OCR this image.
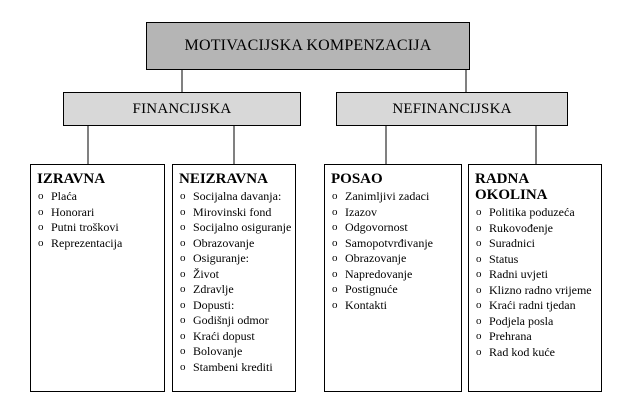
MOTIVACIJSKA KOMPENZACIJA
FINANCIJSKA	NEFINANCIJSKA
IZRAVNA
o Plaća
o Honorari
o Putni troškovi
o Reprezentacija
NEIZRAVNA
o Socijalna davanja:
o Mirovinski fond
o Socijalno osiguranje
o Obrazovanje
o Osiguranje:
o Život
o Zdravlje
o Dopusti:
o Godišnji odmor
o Kraći dopust
o Bolovanje
o Stambeni krediti
POSAO
o Zanimljivi zadaci
o Izazov
o Odgovornost
o Samopotvrđivanje
o Obrazovanje
o Napredovanje
o Postignuće
o Kontakti
RADNA OKOLINA
o Politika poduzeća
o Rukovođenje
o Suradnici
o Status
o Radni uvjeti
o Klizno radno vrijeme
o Kraći radni tjedan
o Podjela posla
o Prehrana
o Rad kod kuće
